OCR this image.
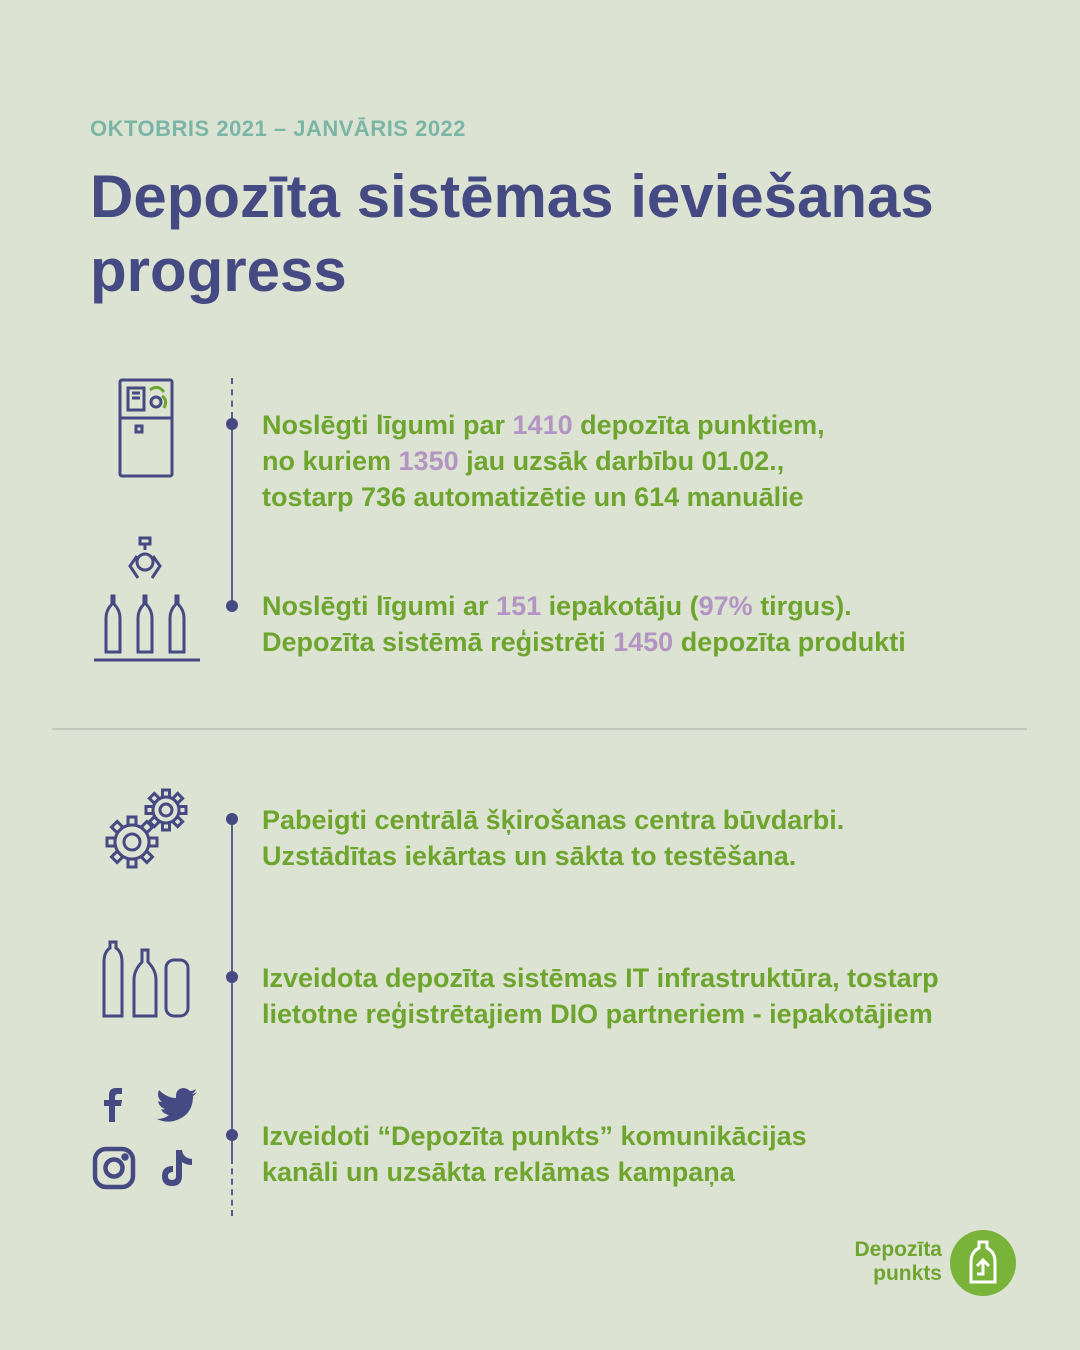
OKTOBRIS 2021 – JANVĀRIS 2022
Depozīta sistēmas ieviešanas progress
Noslēgti līgumi par 1410 depozīta punktiem,
no kuriem 1350 jau uzsāk darbību 01.02.,
tostarp 736 automatizētie un 614 manuālie
Noslēgti līgumi ar 151 iepakotāju (97% tirgus).
Depozīta sistēmā reģistrēti 1450 depozīta produkti
Pabeigti centrālā šķirošanas centra būvdarbi.
Uzstādītas iekārtas un sākta to testēšana.
Izveidota depozīta sistēmas IT infrastruktūra, tostarp
lietotne reģistrētajiem DIO partneriem - iepakotājiem
Izveidoti “Depozīta punkts” komunikācijas
kanāli un uzsākta reklāmas kampaņa
Depozīta
punkts
